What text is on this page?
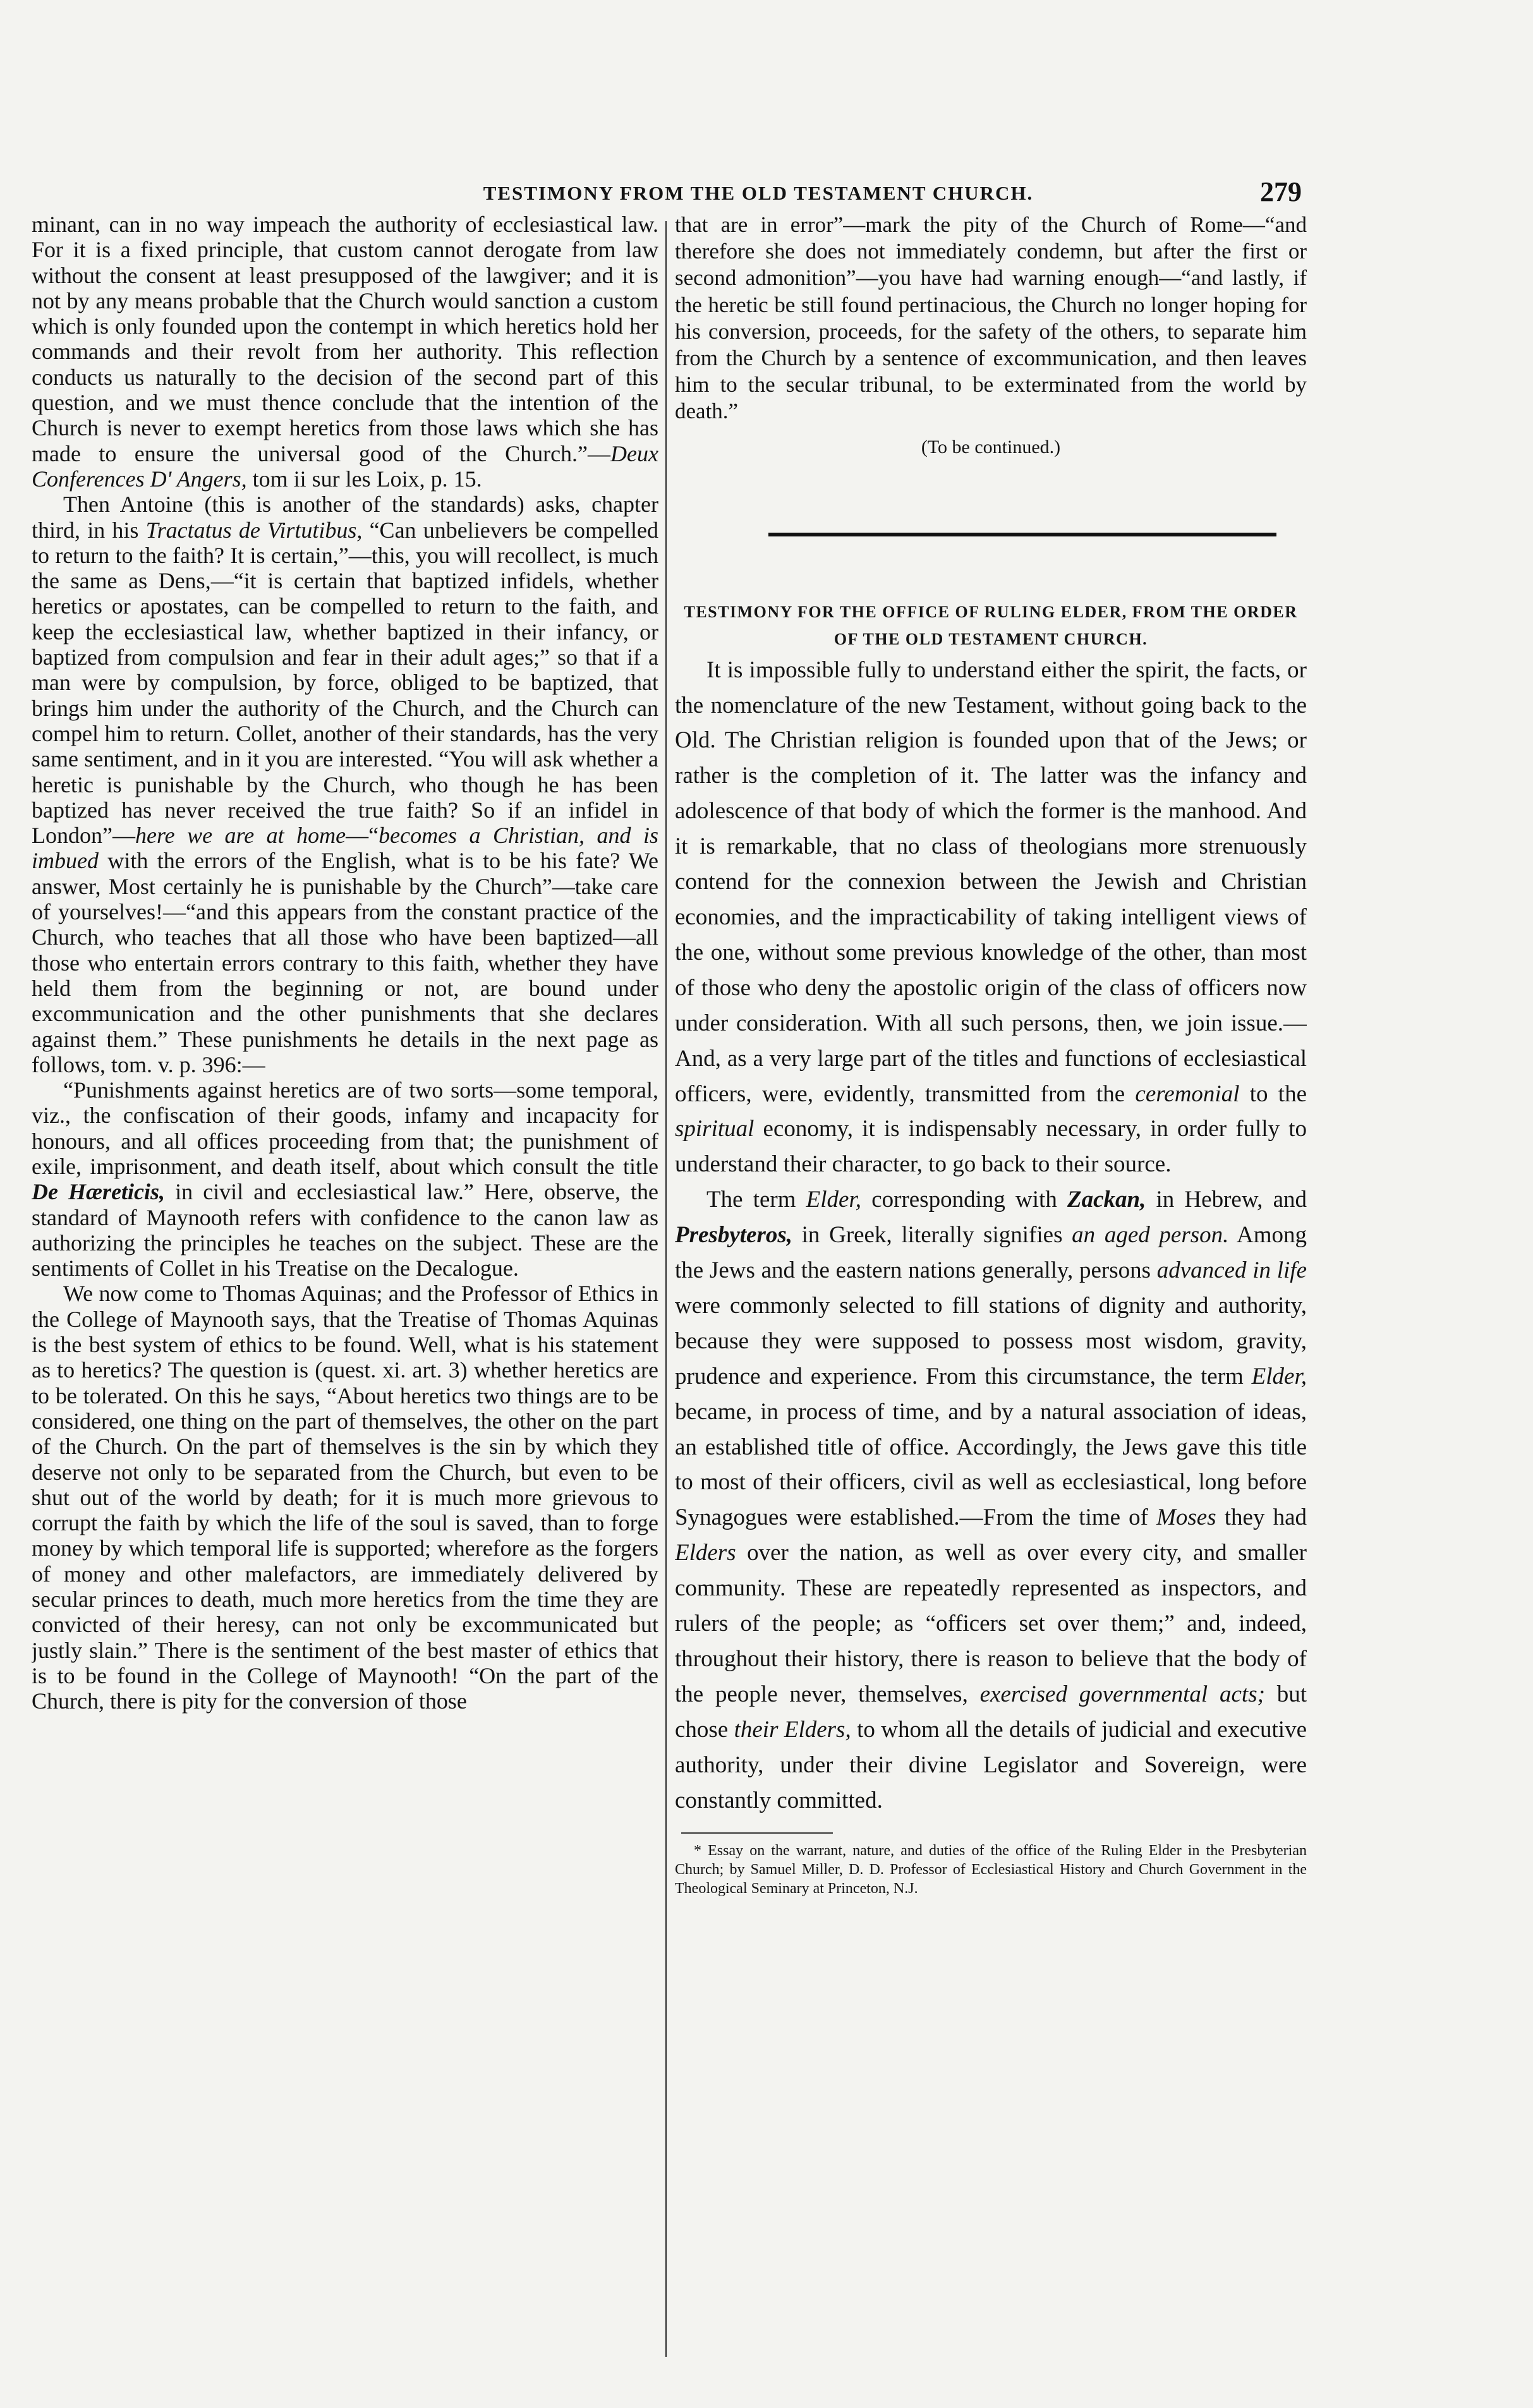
TESTIMONY FROM THE OLD TESTAMENT CHURCH.	279

minant, can in no way impeach the authority of ecclesiastical law. For it is a fixed principle, that custom cannot derogate from law without the consent at least presupposed of the lawgiver; and it is not by any means probable that the Church would sanction a custom which is only founded upon the contempt in which heretics hold her commands and their revolt from her authority. This reflection conducts us naturally to the decision of the second part of this question, and we must thence conclude that the intention of the Church is never to exempt heretics from those laws which she has made to ensure the universal good of the Church.”—Deux Conferences D' Angers, tom ii sur les Loix, p. 15.

Then Antoine (this is another of the standards) asks, chapter third, in his Tractatus de Virtutibus, “Can unbelievers be compelled to return to the faith? It is certain,”—this, you will recollect, is much the same as Dens,—“it is certain that baptized infidels, whether heretics or apostates, can be compelled to return to the faith, and keep the ecclesiastical law, whether baptized in their infancy, or baptized from compulsion and fear in their adult ages;” so that if a man were by compulsion, by force, obliged to be baptized, that brings him under the authority of the Church, and the Church can compel him to return. Collet, another of their standards, has the very same sentiment, and in it you are interested. “You will ask whether a heretic is punishable by the Church, who though he has been baptized has never received the true faith? So if an infidel in London”—here we are at home—“becomes a Christian, and is imbued with the errors of the English, what is to be his fate? We answer, Most certainly he is punishable by the Church”—take care of yourselves!—“and this appears from the constant practice of the Church, who teaches that all those who have been baptized—all those who entertain errors contrary to this faith, whether they have held them from the beginning or not, are bound under excommunication and the other punishments that she declares against them.” These punishments he details in the next page as follows, tom. v. p. 396:—

“Punishments against heretics are of two sorts—some temporal, viz., the confiscation of their goods, infamy and incapacity for honours, and all offices proceeding from that; the punishment of exile, imprisonment, and death itself, about which consult the title De Hæreticis, in civil and ecclesiastical law.” Here, observe, the standard of Maynooth refers with confidence to the canon law as authorizing the principles he teaches on the subject. These are the sentiments of Collet in his Treatise on the Decalogue.

We now come to Thomas Aquinas; and the Professor of Ethics in the College of Maynooth says, that the Treatise of Thomas Aquinas is the best system of ethics to be found. Well, what is his statement as to heretics? The question is (quest. xi. art. 3) whether heretics are to be tolerated. On this he says, “About heretics two things are to be considered, one thing on the part of themselves, the other on the part of the Church. On the part of themselves is the sin by which they deserve not only to be separated from the Church, but even to be shut out of the world by death; for it is much more grievous to corrupt the faith by which the life of the soul is saved, than to forge money by which temporal life is supported; wherefore as the forgers of money and other malefactors, are immediately delivered by secular princes to death, much more heretics from the time they are convicted of their heresy, can not only be excommunicated but justly slain.” There is the sentiment of the best master of ethics that is to be found in the College of Maynooth! “On the part of the Church, there is pity for the conversion of those

that are in error”—mark the pity of the Church of Rome—“and therefore she does not immediately condemn, but after the first or second admonition”—you have had warning enough—“and lastly, if the heretic be still found pertinacious, the Church no longer hoping for his conversion, proceeds, for the safety of the others, to separate him from the Church by a sentence of excommunication, and then leaves him to the secular tribunal, to be exterminated from the world by death.”

(To be continued.)
TESTIMONY FOR THE OFFICE OF RULING ELDER, FROM THE ORDER OF THE OLD TESTAMENT CHURCH.

It is impossible fully to understand either the spirit, the facts, or the nomenclature of the new Testament, without going back to the Old. The Christian religion is founded upon that of the Jews; or rather is the completion of it. The latter was the infancy and adolescence of that body of which the former is the manhood. And it is remarkable, that no class of theologians more strenuously contend for the connexion between the Jewish and Christian economies, and the impracticability of taking intelligent views of the one, without some previous knowledge of the other, than most of those who deny the apostolic origin of the class of officers now under consideration. With all such persons, then, we join issue.—And, as a very large part of the titles and functions of ecclesiastical officers, were, evidently, transmitted from the ceremonial to the spiritual economy, it is indispensably necessary, in order fully to understand their character, to go back to their source.

The term Elder, corresponding with Zackan, in Hebrew, and Presbyteros, in Greek, literally signifies an aged person. Among the Jews and the eastern nations generally, persons advanced in life were commonly selected to fill stations of dignity and authority, because they were supposed to possess most wisdom, gravity, prudence and experience. From this circumstance, the term Elder, became, in process of time, and by a natural association of ideas, an established title of office. Accordingly, the Jews gave this title to most of their officers, civil as well as ecclesiastical, long before Synagogues were established.—From the time of Moses they had Elders over the nation, as well as over every city, and smaller community. These are repeatedly represented as inspectors, and rulers of the people; as “officers set over them;” and, indeed, throughout their history, there is reason to believe that the body of the people never, themselves, exercised governmental acts; but chose their Elders, to whom all the details of judicial and executive authority, under their divine Legislator and Sovereign, were constantly committed.

* Essay on the warrant, nature, and duties of the office of the Ruling Elder in the Presbyterian Church; by Samuel Miller, D. D. Professor of Ecclesiastical History and Church Government in the Theological Seminary at Princeton, N.J.
